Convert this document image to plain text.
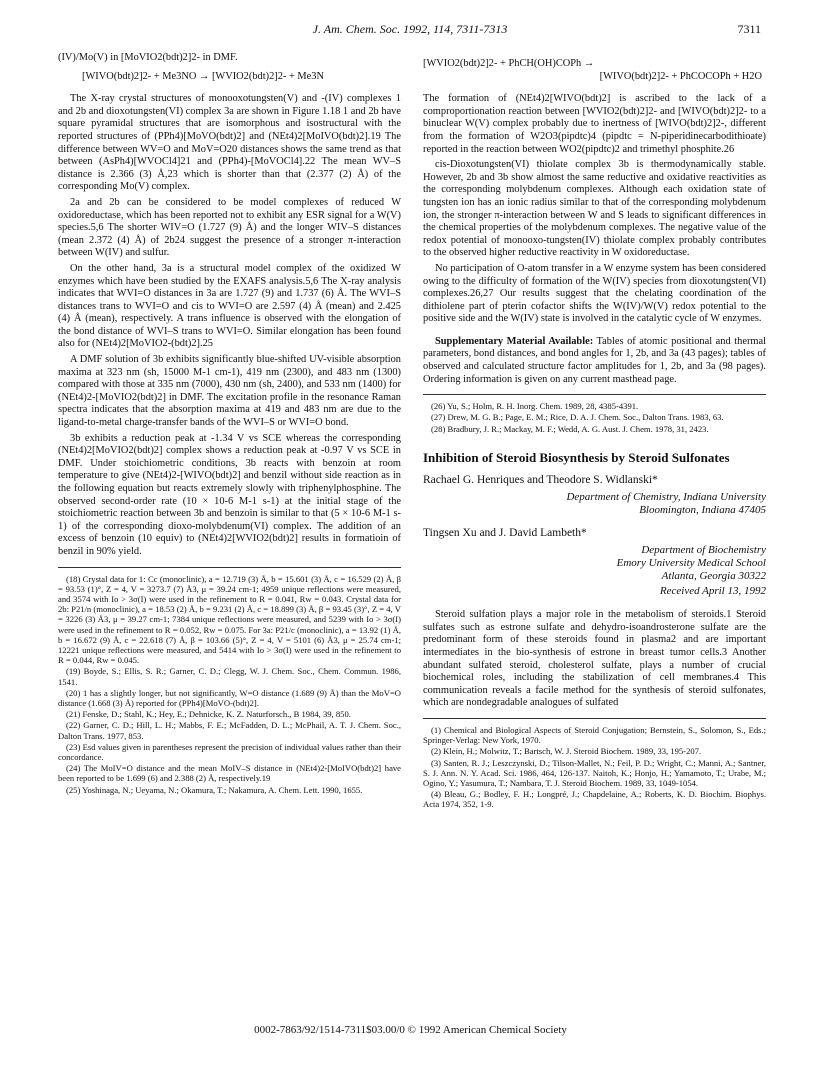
J. Am. Chem. Soc. 1992, 114, 7311-7313	7311

(IV)/Mo(V) in [MoVIO2(bdt)2]2- in DMF.

[WIVO(bdt)2]2- + Me3NO → [WVIO2(bdt)2]2- + Me3N

The X-ray crystal structures of monooxotungsten(V) and -(IV) complexes 1 and 2b and dioxotungsten(VI) complex 3a are shown in Figure 1.18 1 and 2b have square pyramidal structures that are isomorphous and isostructural with the reported structures of (PPh4)[MoVO(bdt)2] and (NEt4)2[MoIVO(bdt)2].19 The difference between WV=O and MoV=O20 distances shows the same trend as that between (AsPh4)[WVOCl4]21 and (PPh4)-[MoVOCl4].22 The mean WV–S distance is 2.366 (3) Å,23 which is shorter than that (2.377 (2) Å) of the corresponding Mo(V) complex.

2a and 2b can be considered to be model complexes of reduced W oxidoreductase, which has been reported not to exhibit any ESR signal for a W(V) species.5,6 The shorter WIV=O (1.727 (9) Å) and the longer WIV–S distances (mean 2.372 (4) Å) of 2b24 suggest the presence of a stronger π-interaction between W(IV) and sulfur.

On the other hand, 3a is a structural model complex of the oxidized W enzymes which have been studied by the EXAFS analysis.5,6 The X-ray analysis indicates that WVI=O distances in 3a are 1.727 (9) and 1.737 (6) Å. The WVI–S distances trans to WVI=O and cis to WVI=O are 2.597 (4) Å (mean) and 2.425 (4) Å (mean), respectively. A trans influence is observed with the elongation of the bond distance of WVI–S trans to WVI=O. Similar elongation has been found also for (NEt4)2[MoVIO2-(bdt)2].25

A DMF solution of 3b exhibits significantly blue-shifted UV-visible absorption maxima at 323 nm (sh, 15000 M-1 cm-1), 419 nm (2300), and 483 nm (1300) compared with those at 335 nm (7000), 430 nm (sh, 2400), and 533 nm (1400) for (NEt4)2-[MoVIO2(bdt)2] in DMF. The excitation profile in the resonance Raman spectra indicates that the absorption maxima at 419 and 483 nm are due to the ligand-to-metal charge-transfer bands of the WVI–S or WVI=O bond.

3b exhibits a reduction peak at -1.34 V vs SCE whereas the corresponding (NEt4)2[MoVIO2(bdt)2] complex shows a reduction peak at -0.97 V vs SCE in DMF. Under stoichiometric conditions, 3b reacts with benzoin at room temperature to give (NEt4)2-[WIVO(bdt)2] and benzil without side reaction as in the following equation but reacts extremely slowly with triphenylphosphine. The observed second-order rate (10 × 10-6 M-1 s-1) at the initial stage of the stoichiometric reaction between 3b and benzoin is similar to that (5 × 10-6 M-1 s-1) of the corresponding dioxo-molybdenum(VI) complex. The addition of an excess of benzoin (10 equiv) to (NEt4)2[WVIO2(bdt)2] results in formatioin of benzil in 90% yield.

(18) Crystal data for 1: Cc (monoclinic), a = 12.719 (3) Å, b = 15.601 (3) Å, c = 16.529 (2) Å, β = 93.53 (1)°, Z = 4, V = 3273.7 (7) Å3, μ = 39.24 cm-1; 4959 unique reflections were measured, and 3574 with Io > 3σ(I) were used in the refinement to R = 0.041, Rw = 0.043. Crystal data for 2b: P21/n (monoclinic), a = 18.53 (2) Å, b = 9.231 (2) Å, c = 18.899 (3) Å, β = 93.45 (3)°, Z = 4, V = 3226 (3) Å3, μ = 39.27 cm-1; 7384 unique reflections were measured, and 5239 with Io > 3σ(I) were used in the refinement to R = 0.052, Rw = 0.075. For 3a: P21/c (monoclinic), a = 13.92 (1) Å, b = 16.672 (9) Å, c = 22.618 (7) Å, β = 103.66 (5)°, Z = 4, V = 5101 (6) Å3, μ = 25.74 cm-1; 12221 unique reflections were measured, and 5414 with Io > 3σ(I) were used in the refinement to R = 0.044, Rw = 0.045.

(19) Boyde, S.; Ellis, S. R.; Garner, C. D.; Clegg, W. J. Chem. Soc., Chem. Commun. 1986, 1541.

(20) 1 has a slightly longer, but not significantly, W=O distance (1.689 (9) Å) than the MoV=O distance (1.668 (3) Å) reported for (PPh4)[MoVO-(bdt)2].

(21) Fenske, D.; Stahl, K.; Hey, E.; Dehnicke, K. Z. Naturforsch., B 1984, 39, 850.

(22) Garner, C. D.; Hill, L. H.; Mabbs, F. E.; McFadden, D. L.; McPhail, A. T. J. Chem. Soc., Dalton Trans. 1977, 853.

(23) Esd values given in parentheses represent the precision of individual values rather than their concordance.

(24) The MoIV=O distance and the mean MoIV–S distance in (NEt4)2-[MoIVO(bdt)2] have been reported to be 1.699 (6) and 2.388 (2) Å, respectively.19

(25) Yoshinaga, N.; Ueyama, N.; Okamura, T.; Nakamura, A. Chem. Lett. 1990, 1655.

[WVIO2(bdt)2]2- + PhCH(OH)COPh →
[WIVO(bdt)2]2- + PhCOCOPh + H2O

The formation of (NEt4)2[WIVO(bdt)2] is ascribed to the lack of a comproportionation reaction between [WVIO2(bdt)2]2- and [WIVO(bdt)2]2- to a binuclear W(V) complex probably due to inertness of [WIVO(bdt)2]2-, different from the formation of W2O3(pipdtc)4 (pipdtc = N-piperidinecarbodithioate) reported in the reaction between WO2(pipdtc)2 and trimethyl phosphite.26

cis-Dioxotungsten(VI) thiolate complex 3b is thermodynamically stable. However, 2b and 3b show almost the same reductive and oxidative reactivities as the corresponding molybdenum complexes. Although each oxidation state of tungsten ion has an ionic radius similar to that of the corresponding molybdenum ion, the stronger π-interaction between W and S leads to significant differences in the chemical properties of the molybdenum complexes. The negative value of the redox potential of monooxo-tungsten(IV) thiolate complex probably contributes to the observed higher reductive reactivity in W oxidoreductase.

No participation of O-atom transfer in a W enzyme system has been considered owing to the difficulty of formation of the W(IV) species from dioxotungsten(VI) complexes.26,27 Our results suggest that the chelating coordination of the dithiolene part of pterin cofactor shifts the W(IV)/W(V) redox potential to the positive side and the W(IV) state is involved in the catalytic cycle of W enzymes.

Supplementary Material Available: Tables of atomic positional and thermal parameters, bond distances, and bond angles for 1, 2b, and 3a (43 pages); tables of observed and calculated structure factor amplitudes for 1, 2b, and 3a (98 pages). Ordering information is given on any current masthead page.

(26) Yu, S.; Holm, R. H. Inorg. Chem. 1989, 28, 4385-4391.

(27) Drew, M. G. B.; Page, E. M.; Rice, D. A. J. Chem. Soc., Dalton Trans. 1983, 63.

(28) Bradbury, J. R.; Mackay, M. F.; Wedd, A. G. Aust. J. Chem. 1978, 31, 2423.

Inhibition of Steroid Biosynthesis by Steroid Sulfonates
Rachael G. Henriques and Theodore S. Widlanski*
Department of Chemistry, Indiana University
Bloomington, Indiana 47405
Tingsen Xu and J. David Lambeth*
Department of Biochemistry
Emory University Medical School
Atlanta, Georgia 30322
Received April 13, 1992

Steroid sulfation plays a major role in the metabolism of steroids.1 Steroid sulfates such as estrone sulfate and dehydro-isoandrosterone sulfate are the predominant form of these steroids found in plasma2 and are important intermediates in the bio-synthesis of estrone in breast tumor cells.3 Another abundant sulfated steroid, cholesterol sulfate, plays a number of crucial biochemical roles, including the stabilization of cell membranes.4 This communication reveals a facile method for the synthesis of steroid sulfonates, which are nondegradable analogues of sulfated

(1) Chemical and Biological Aspects of Steroid Conjugation; Bernstein, S., Solomon, S., Eds.; Springer-Verlag: New York, 1970.

(2) Klein, H.; Molwitz, T.; Bartsch, W. J. Steroid Biochem. 1989, 33, 195-207.

(3) Santen, R. J.; Leszczynski, D.; Tilson-Mallet, N.; Feil, P. D.; Wright, C.; Manni, A.; Santner, S. J. Ann. N. Y. Acad. Sci. 1986, 464, 126-137. Naitoh, K.; Honjo, H.; Yamamoto, T.; Urabe, M.; Ogino, Y.; Yasumura, T.; Nambara, T. J. Steroid Biochem. 1989, 33, 1049-1054.

(4) Bleau, G.; Bodley, F. H.; Longpré, J.; Chapdelaine, A.; Roberts, K. D. Biochim. Biophys. Acta 1974, 352, 1-9.

0002-7863/92/1514-7311$03.00/0 © 1992 American Chemical Society
